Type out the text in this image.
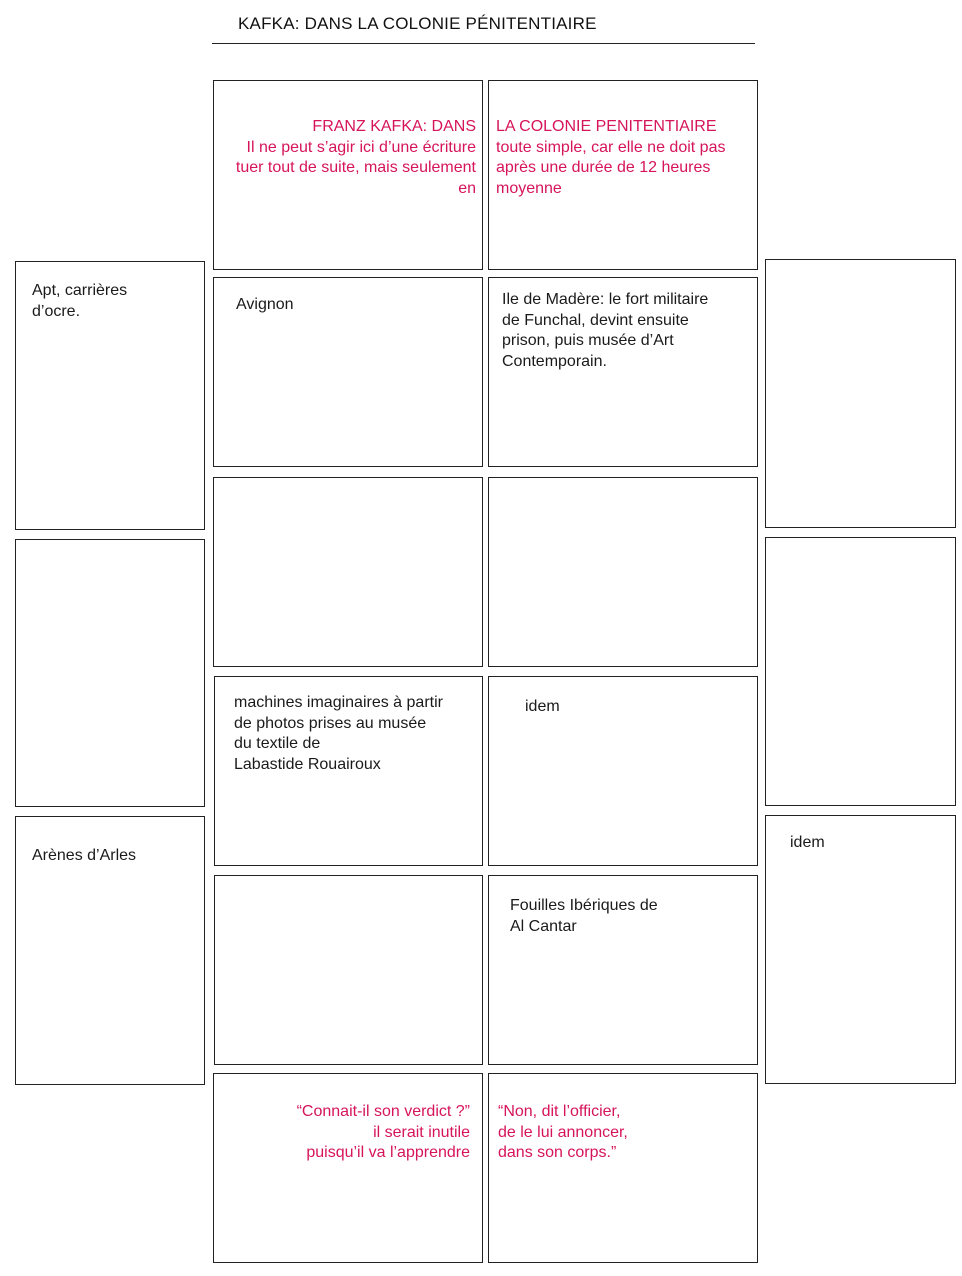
KAFKA: DANS LA COLONIE PÉNITENTIAIRE
Apt, carrières
d’ocre.
Arènes d’Arles
FRANZ KAFKA: DANS
Il ne peut s’agir ici d’une écriture
tuer tout de suite, mais seulement
en
Avignon
machines imaginaires à partir
de photos prises au musée
du textile de
Labastide Rouairoux
“Connait-il son verdict ?”
il serait inutile
puisqu’il va l’apprendre
LA COLONIE PENITENTIAIRE
toute simple, car elle ne doit pas
après une durée de 12 heures
moyenne
Ile de Madère: le fort militaire
de Funchal, devint ensuite
prison, puis musée d’Art
Contemporain.
idem
Fouilles Ibériques de
Al Cantar
“Non, dit l’officier,
de le lui annoncer,
dans son corps.”
idem
